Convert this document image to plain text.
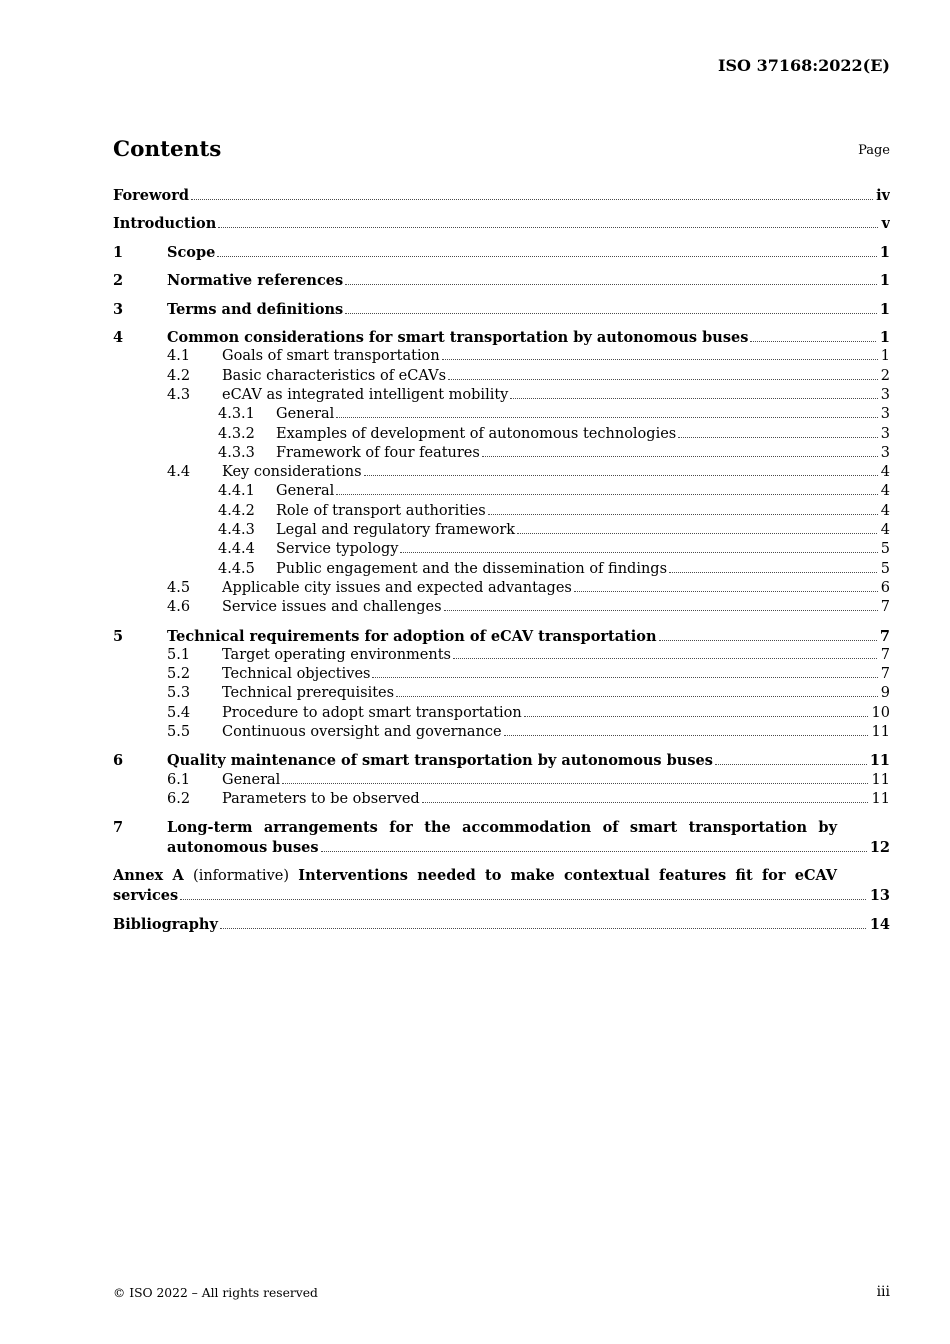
ISO 37168:2022(E)
Contents	Page
Foreword	iv
Introduction	v
1	Scope	1
2	Normative references	1
3	Terms and definitions	1
4	Common considerations for smart transportation by autonomous buses	1
4.1 Goals of smart transportation	1
4.2 Basic characteristics of eCAVs	2
4.3 eCAV as integrated intelligent mobility	3
4.3.1 General	3
4.3.2 Examples of development of autonomous technologies	3
4.3.3 Framework of four features	3
4.4 Key considerations	4
4.4.1 General	4
4.4.2 Role of transport authorities	4
4.4.3 Legal and regulatory framework	4
4.4.4 Service typology	5
4.4.5 Public engagement and the dissemination of findings	5
4.5 Applicable city issues and expected advantages	6
4.6 Service issues and challenges	7
5	Technical requirements for adoption of eCAV transportation	7
5.1 Target operating environments	7
5.2 Technical objectives	7
5.3 Technical prerequisites	9
5.4 Procedure to adopt smart transportation	10
5.5 Continuous oversight and governance	11
6	Quality maintenance of smart transportation by autonomous buses	11
6.1 General	11
6.2 Parameters to be observed	11
7	Long-term arrangements for the accommodation of smart transportation by autonomous buses	12
Annex A (informative) Interventions needed to make contextual features fit for eCAV services	13
Bibliography	14
© ISO 2022 – All rights reserved	iii
